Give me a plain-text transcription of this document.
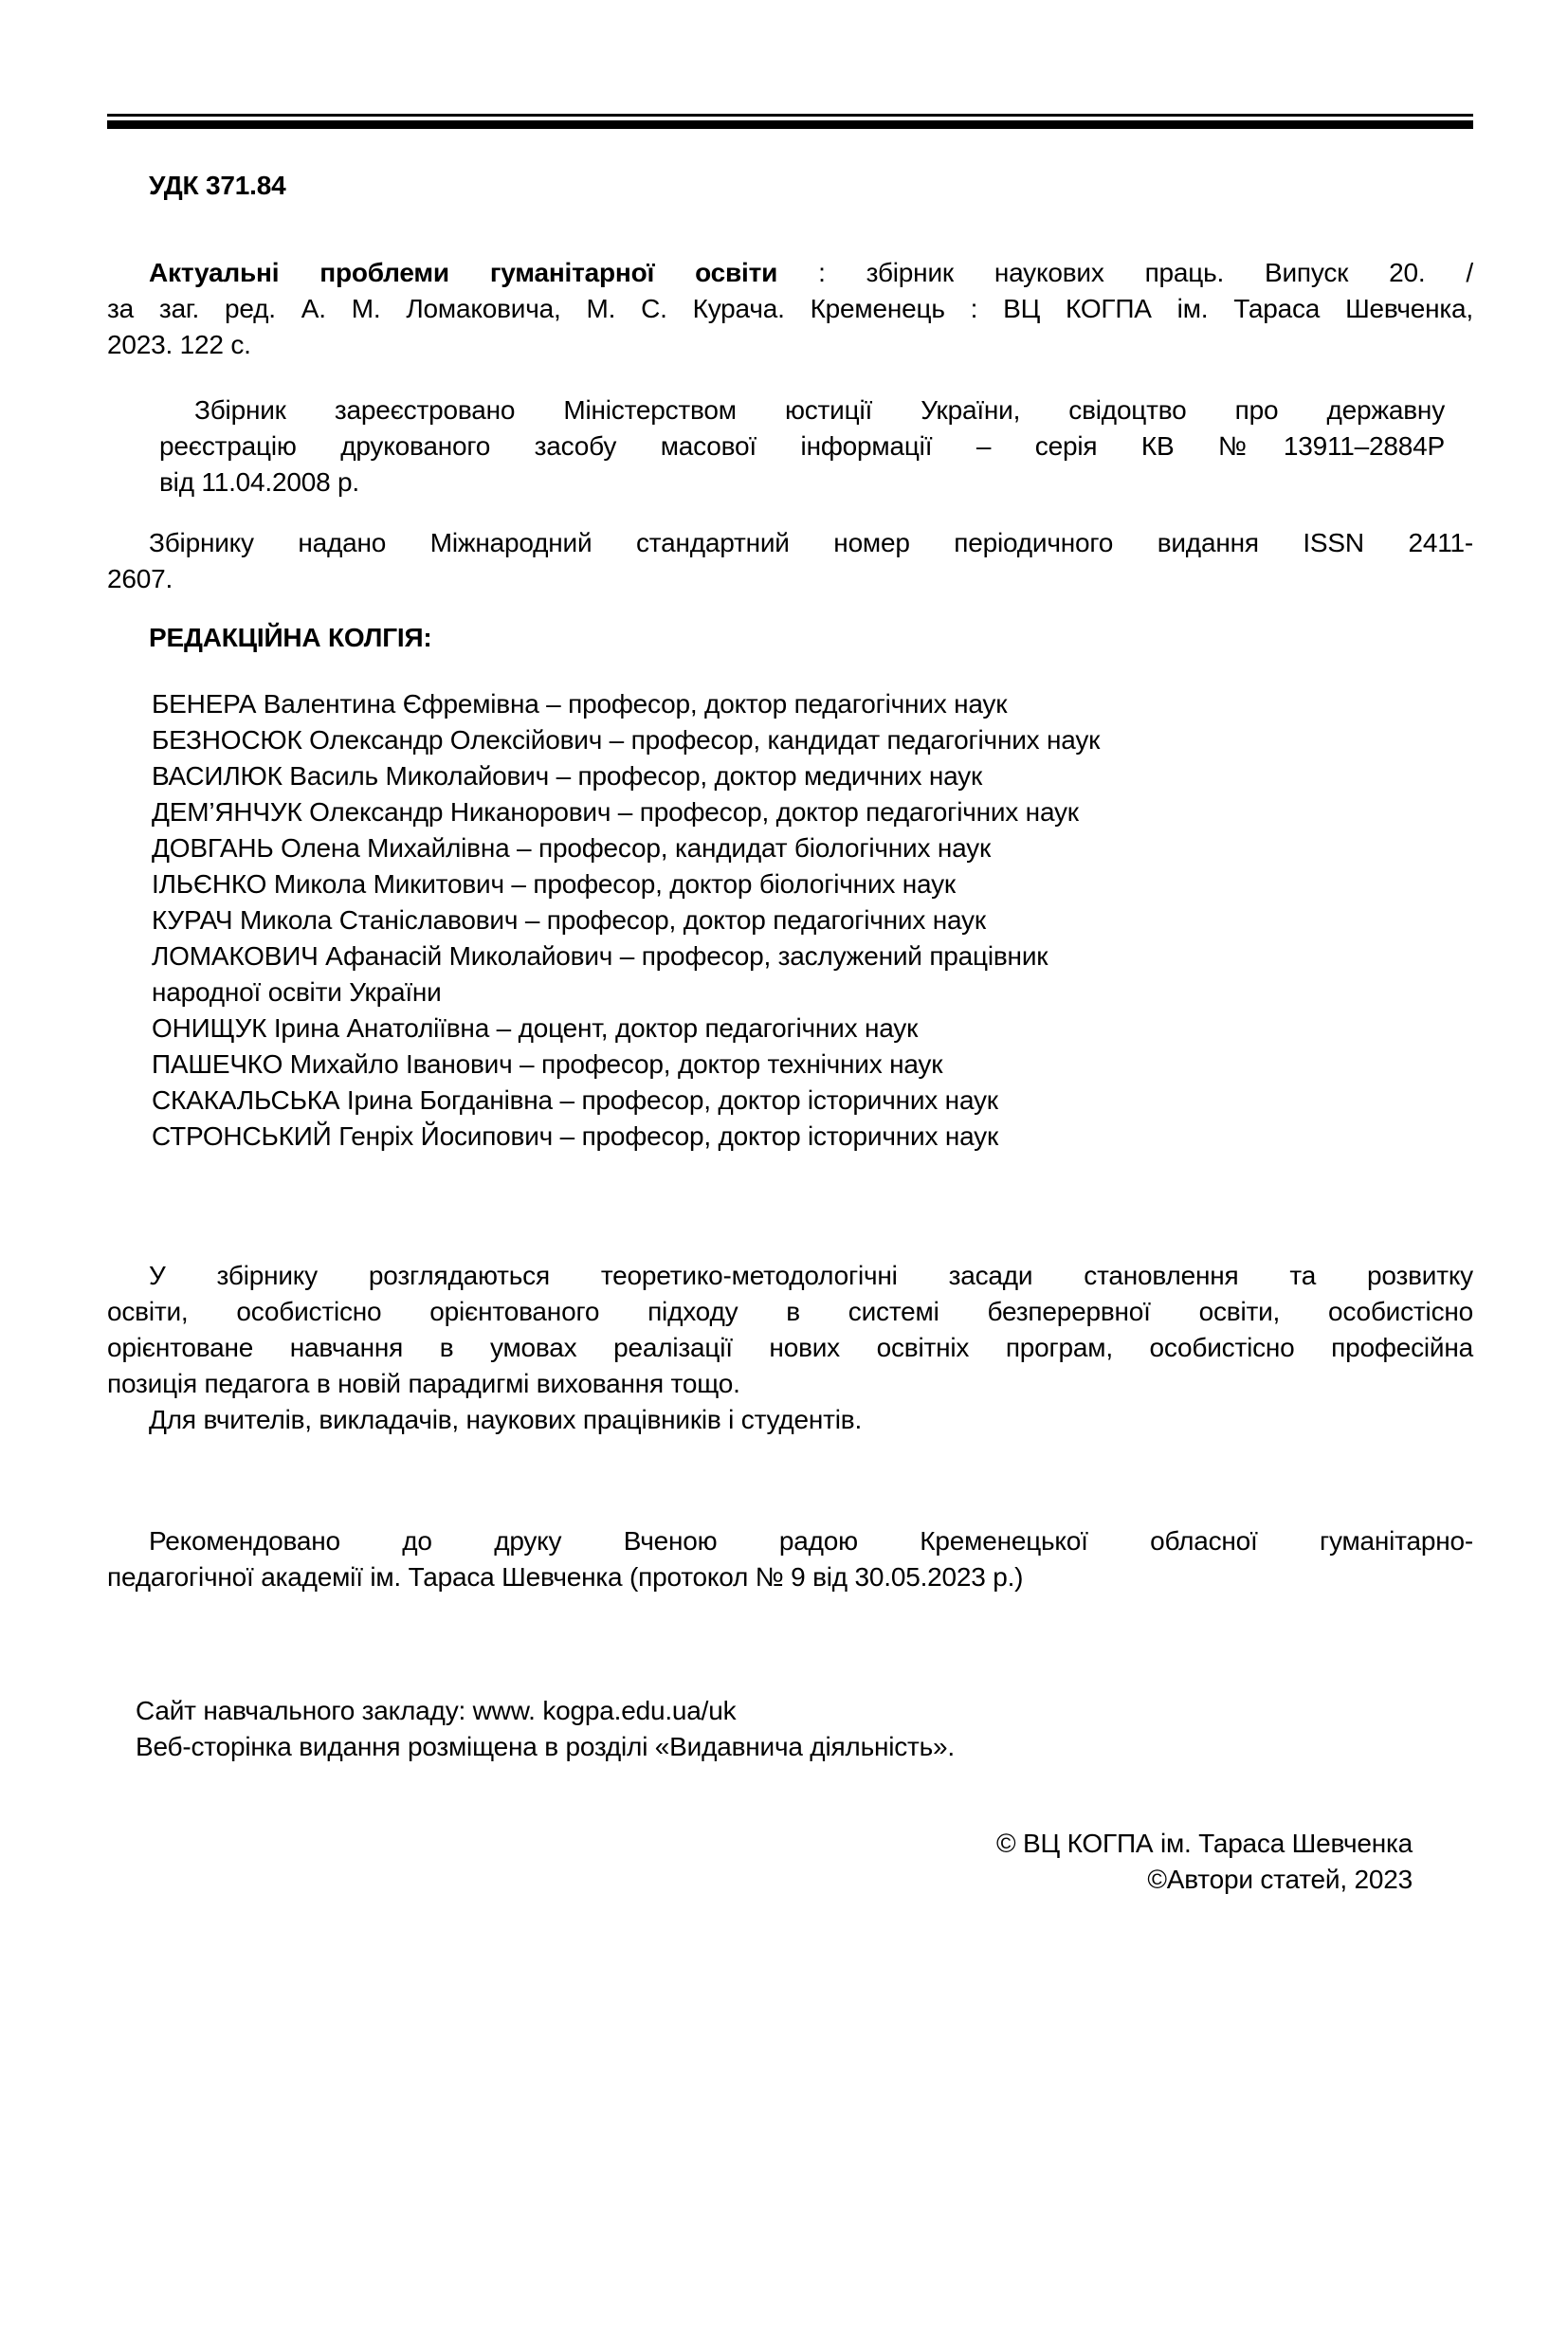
УДК 371.84
Актуальні проблеми гуманітарної освіти : збірник наукових праць. Випуск 20. /
за заг. ред. А. М. Ломаковича, М. С. Курача. Кременець : ВЦ КОГПА ім. Тараса Шевченка,
2023. 122 с.
Збірник зареєстровано Міністерством юстиції України, свідоцтво про державну
реєстрацію друкованого засобу масової інформації – серія КВ №13911–2884Р
від 11.04.2008 р.
Збірнику надано Міжнародний стандартний номер періодичного видання ISSN 2411-
2607.
РЕДАКЦІЙНА КОЛГІЯ:
БЕНЕРА Валентина Єфремівна – професор, доктор педагогічних наук
БЕЗНОСЮК Олександр Олексійович – професор, кандидат педагогічних наук
ВАСИЛЮК Василь Миколайович – професор, доктор медичних наук
ДЕМ’ЯНЧУК Олександр Никанорович – професор, доктор педагогічних наук
ДОВГАНЬ Олена Михайлівна – професор, кандидат біологічних наук
ІЛЬЄНКО Микола Микитович – професор, доктор біологічних наук
КУРАЧ Микола Станіславович – професор, доктор педагогічних наук
ЛОМАКОВИЧ Афанасій Миколайович – професор, заслужений працівник
народної освіти України
ОНИЩУК Ірина Анатоліївна – доцент, доктор педагогічних наук
ПАШЕЧКО Михайло Іванович – професор, доктор технічних наук
СКАКАЛЬСЬКА Ірина Богданівна – професор, доктор історичних наук
СТРОНСЬКИЙ Генріх Йосипович – професор, доктор історичних наук
У збірнику розглядаються теоретико-методологічні засади становлення та розвитку
освіти, особистісно орієнтованого підходу в системі безперервної освіти, особистісно
орієнтоване навчання в умовах реалізації нових освітніх програм, особистісно професійна
позиція педагога в новій парадигмі виховання тощо.
Для вчителів, викладачів, наукових працівників і студентів.
Рекомендовано до друку Вченою радою Кременецької обласної гуманітарно-
педагогічної академії ім. Тараса Шевченка (протокол № 9 від 30.05.2023 р.)
Сайт навчального закладу: www. kogpa.edu.ua/uk
Веб-сторінка видання розміщена в розділі «Видавнича діяльність».
© ВЦ КОГПА ім. Тараса Шевченка
©Автори статей, 2023
